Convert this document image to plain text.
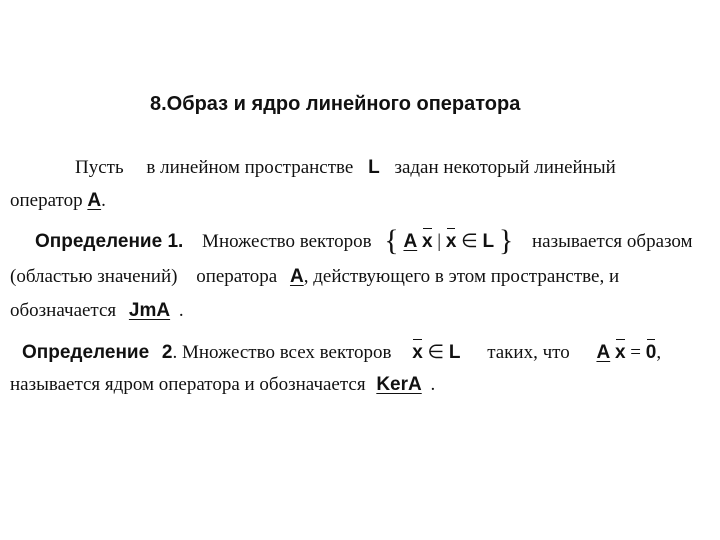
8.Образ и ядро линейного оператора
Пусть в линейном пространстве L задан некоторый линейный
оператор A.
Определение 1. Множество векторов { A x | x ∈ L } называется образом
(областью значений) оператора A, действующего в этом пространстве, и
обозначается JmA .
Определение 2. Множество всех векторов x ∈ L таких, что A x = 0,
называется ядром оператора и обозначается KerA .
